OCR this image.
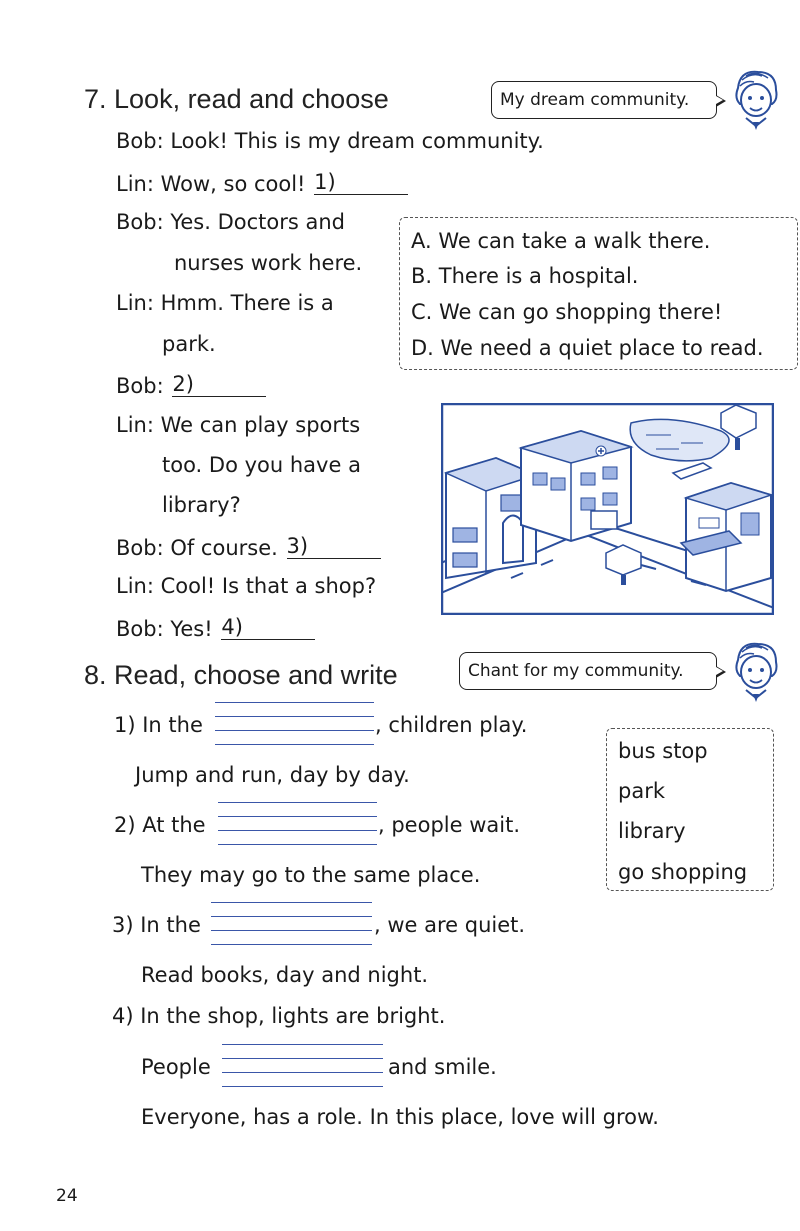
7. Look, read and choose	My dream community.
Bob: Look! This is my dream community.
Lin: Wow, so cool! 1)
Bob: Yes. Doctors and
nurses work here.
Lin: Hmm. There is a
park.
Bob: 2)
Lin: We can play sports
too. Do you have a
library?
Bob: Of course. 3)
Lin: Cool! Is that a shop?
Bob: Yes! 4)
A. We can take a walk there.
B. There is a hospital.
C. We can go shopping there!
D. We need a quiet place to read.
8. Read, choose and write	Chant for my community.
bus stop
park
library
go shopping
1) In the	, children play.
Jump and run, day by day.
2) At the	, people wait.
They may go to the same place.
3) In the	, we are quiet.
Read books, day and night.
4) In the shop, lights are bright.
People	and smile.
Everyone, has a role. In this place, love will grow.
24
